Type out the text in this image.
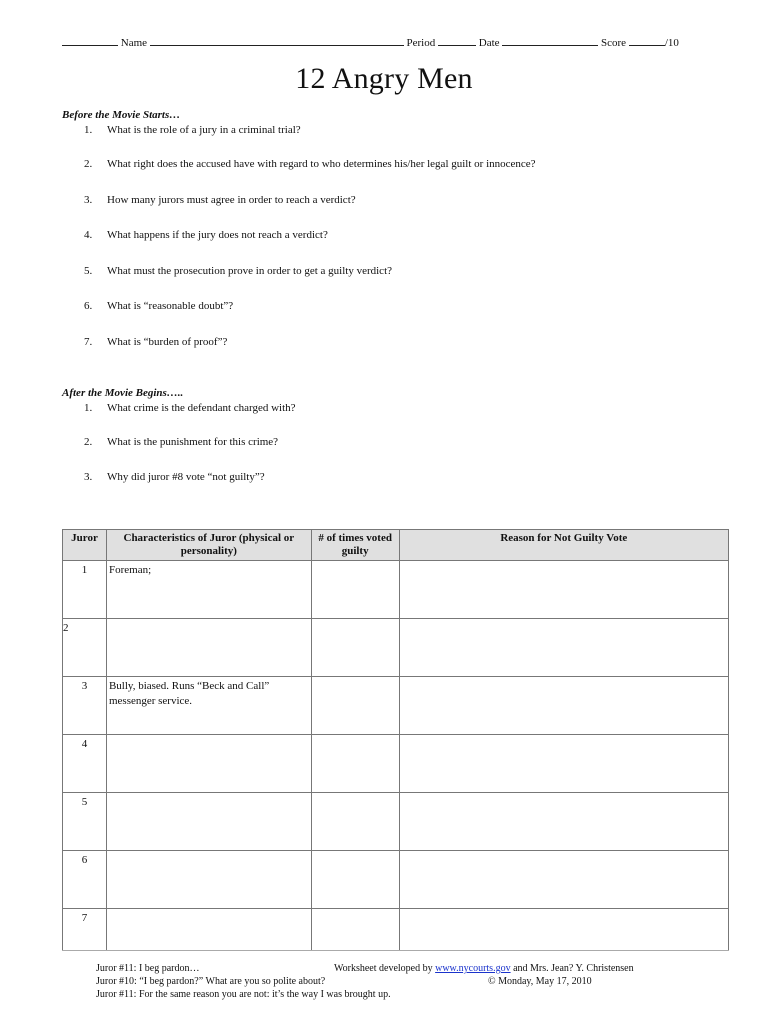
Name	Period	Date	Score	/10
12 Angry Men
Before the Movie Starts…
1. What is the role of a jury in a criminal trial?
2. What right does the accused have with regard to who determines his/her legal guilt or innocence?
3. How many jurors must agree in order to reach a verdict?
4. What happens if the jury does not reach a verdict?
5. What must the prosecution prove in order to get a guilty verdict?
6. What is “reasonable doubt”?
7. What is “burden of proof”?
After the Movie Begins…..
1. What crime is the defendant charged with?
2. What is the punishment for this crime?
3. Why did juror #8 vote “not guilty”?
Juror	Characteristics of Juror (physical or personality)	# of times voted guilty	Reason for Not Guilty Vote
1	Foreman;		
2			
3	Bully, biased. Runs “Beck and Call” messenger service.		
4			
5			
6			
7			
Juror #11: I beg pardon…
Juror #10: “I beg pardon?” What are you so polite about?
Juror #11: For the same reason you are not: it’s the way I was brought up.
Worksheet developed by www.nycourts.gov and Mrs. Jean? Y. Christensen
© Monday, May 17, 2010
